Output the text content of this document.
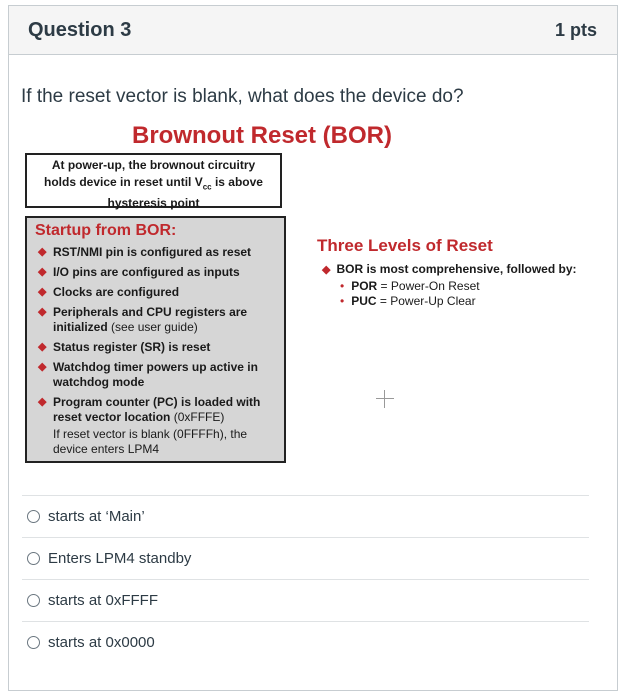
Question 3	1 pts
If the reset vector is blank, what does the device do?
Brownout Reset (BOR)
At power-up, the brownout circuitry
holds device in reset until $V_{cc}$ is above
hysteresis point
Startup from BOR:
◆ RST/NMI pin is configured as reset
◆ I/O pins are configured as inputs
◆ Clocks are configured
◆ Peripherals and CPU registers are initialized (see user guide)
◆ Status register (SR) is reset
◆ Watchdog timer powers up active in watchdog mode
◆ Program counter (PC) is loaded with reset vector location (0xFFFE)
If reset vector is blank (0FFFFh), the device enters LPM4
Three Levels of Reset
◆ BOR is most comprehensive, followed by:
• POR = Power-On Reset
• PUC = Power-Up Clear
starts at ‘Main’
Enters LPM4 standby
starts at 0xFFFF
starts at 0x0000
